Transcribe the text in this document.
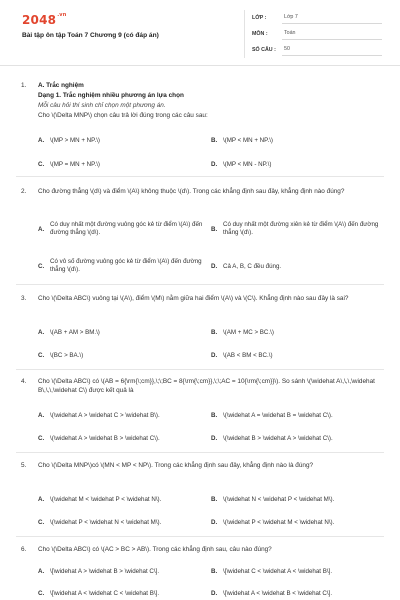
$2048^{.vn}$
Bài tập ôn tập Toán 7 Chương 9 (có đáp án)
LỚP :	Lớp 7
MÔN :	Toán
SỐ CÂU :	50
1. A. Trắc nghiệm
Dạng 1. Trắc nghiệm nhiều phương án lựa chọn
Mỗi câu hỏi thí sinh chỉ chọn một phương án.
Cho \(\Delta MNP\) chọn câu trả lời đúng trong các câu sau:
A. \(MP > MN + NP.\)	B. \(MP < MN + NP.\)
C. \(MP = MN + NP.\)	D. \(MP < MN - NP.\)
2. Cho đường thẳng \(d\) và điểm \(A\) không thuộc \(d\). Trong các khẳng định sau đây, khẳng định nào đúng?
A.
Có duy nhất một đường vuông góc kẻ từ điểm \(A\) đến đường thẳng \(d\).	B.
Có duy nhất một đường xiên kẻ từ điểm \(A\) đến đường thẳng \(d\).
C.
Có vô số đường vuông góc kẻ từ điểm \(A\) đến đường thẳng \(d\).	D. Cả A, B, C đều đúng.
3. Cho \(\Delta ABC\) vuông tại \(A\), điểm \(M\) nằm giữa hai điểm \(A\) và \(C\). Khẳng định nào sau đây là sai?
A. \(AB + AM > BM.\)	B. \(AM + MC > BC.\)
C. \(BC > BA.\)	D. \(AB < BM < BC.\)
4. Cho \(\Delta ABC\) có \(AB = 6{\rm{\;cm}},\;\;BC = 8{\rm{\;cm}},\;\;AC = 10{\rm{\;cm}}\). So sánh \(\widehat A\,\,\,\widehat B\,\,\,\widehat C\) được kết quả là
A. \(\widehat A > \widehat C > \widehat B\).	B. \(\widehat A = \widehat B = \widehat C\).
C. \(\widehat A > \widehat B > \widehat C\).	D. \(\widehat B > \widehat A > \widehat C\).
5. Cho \(\Delta MNP\)có \(MN < MP < NP\). Trong các khẳng định sau đây, khẳng định nào là đúng?
A. \(\widehat M < \widehat P < \widehat N\).	B. \(\widehat N < \widehat P < \widehat M\).
C. \(\widehat P < \widehat N < \widehat M\).	D. \(\widehat P < \widehat M < \widehat N\).
6. Cho \(\Delta ABC\) có \(AC > BC > AB\). Trong các khẳng định sau, câu nào đúng?
A. \[\widehat A > \widehat B > \widehat C\].	B. \[\widehat C < \widehat A < \widehat B\].
C. \[\widehat A < \widehat C < \widehat B\].	D. \[\widehat A < \widehat B < \widehat C\].
